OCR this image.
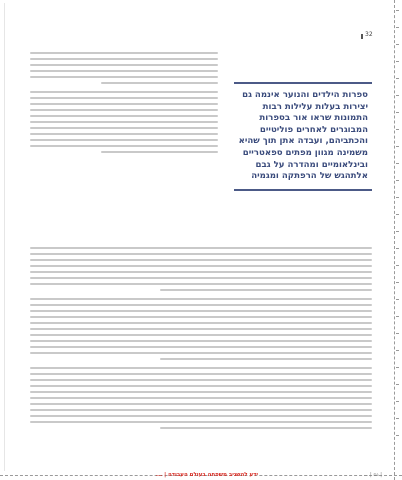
32
ספרות הילדים והנוער אינמה גם יצירות בעלות עלילות רבות התמונות שראו אור בספרות המבוגרים לאחרים פוליטיים והכתביהם, ועבדה אתן תוך שהיא משמינה מגוון מפתים ספאטריים ובינלאומיים ומהדרה על גבם אלתהגש של הרפתקה ומגמיה
ידע להשגיב משפחה בעולם העבודה | ...	| גם | ...
